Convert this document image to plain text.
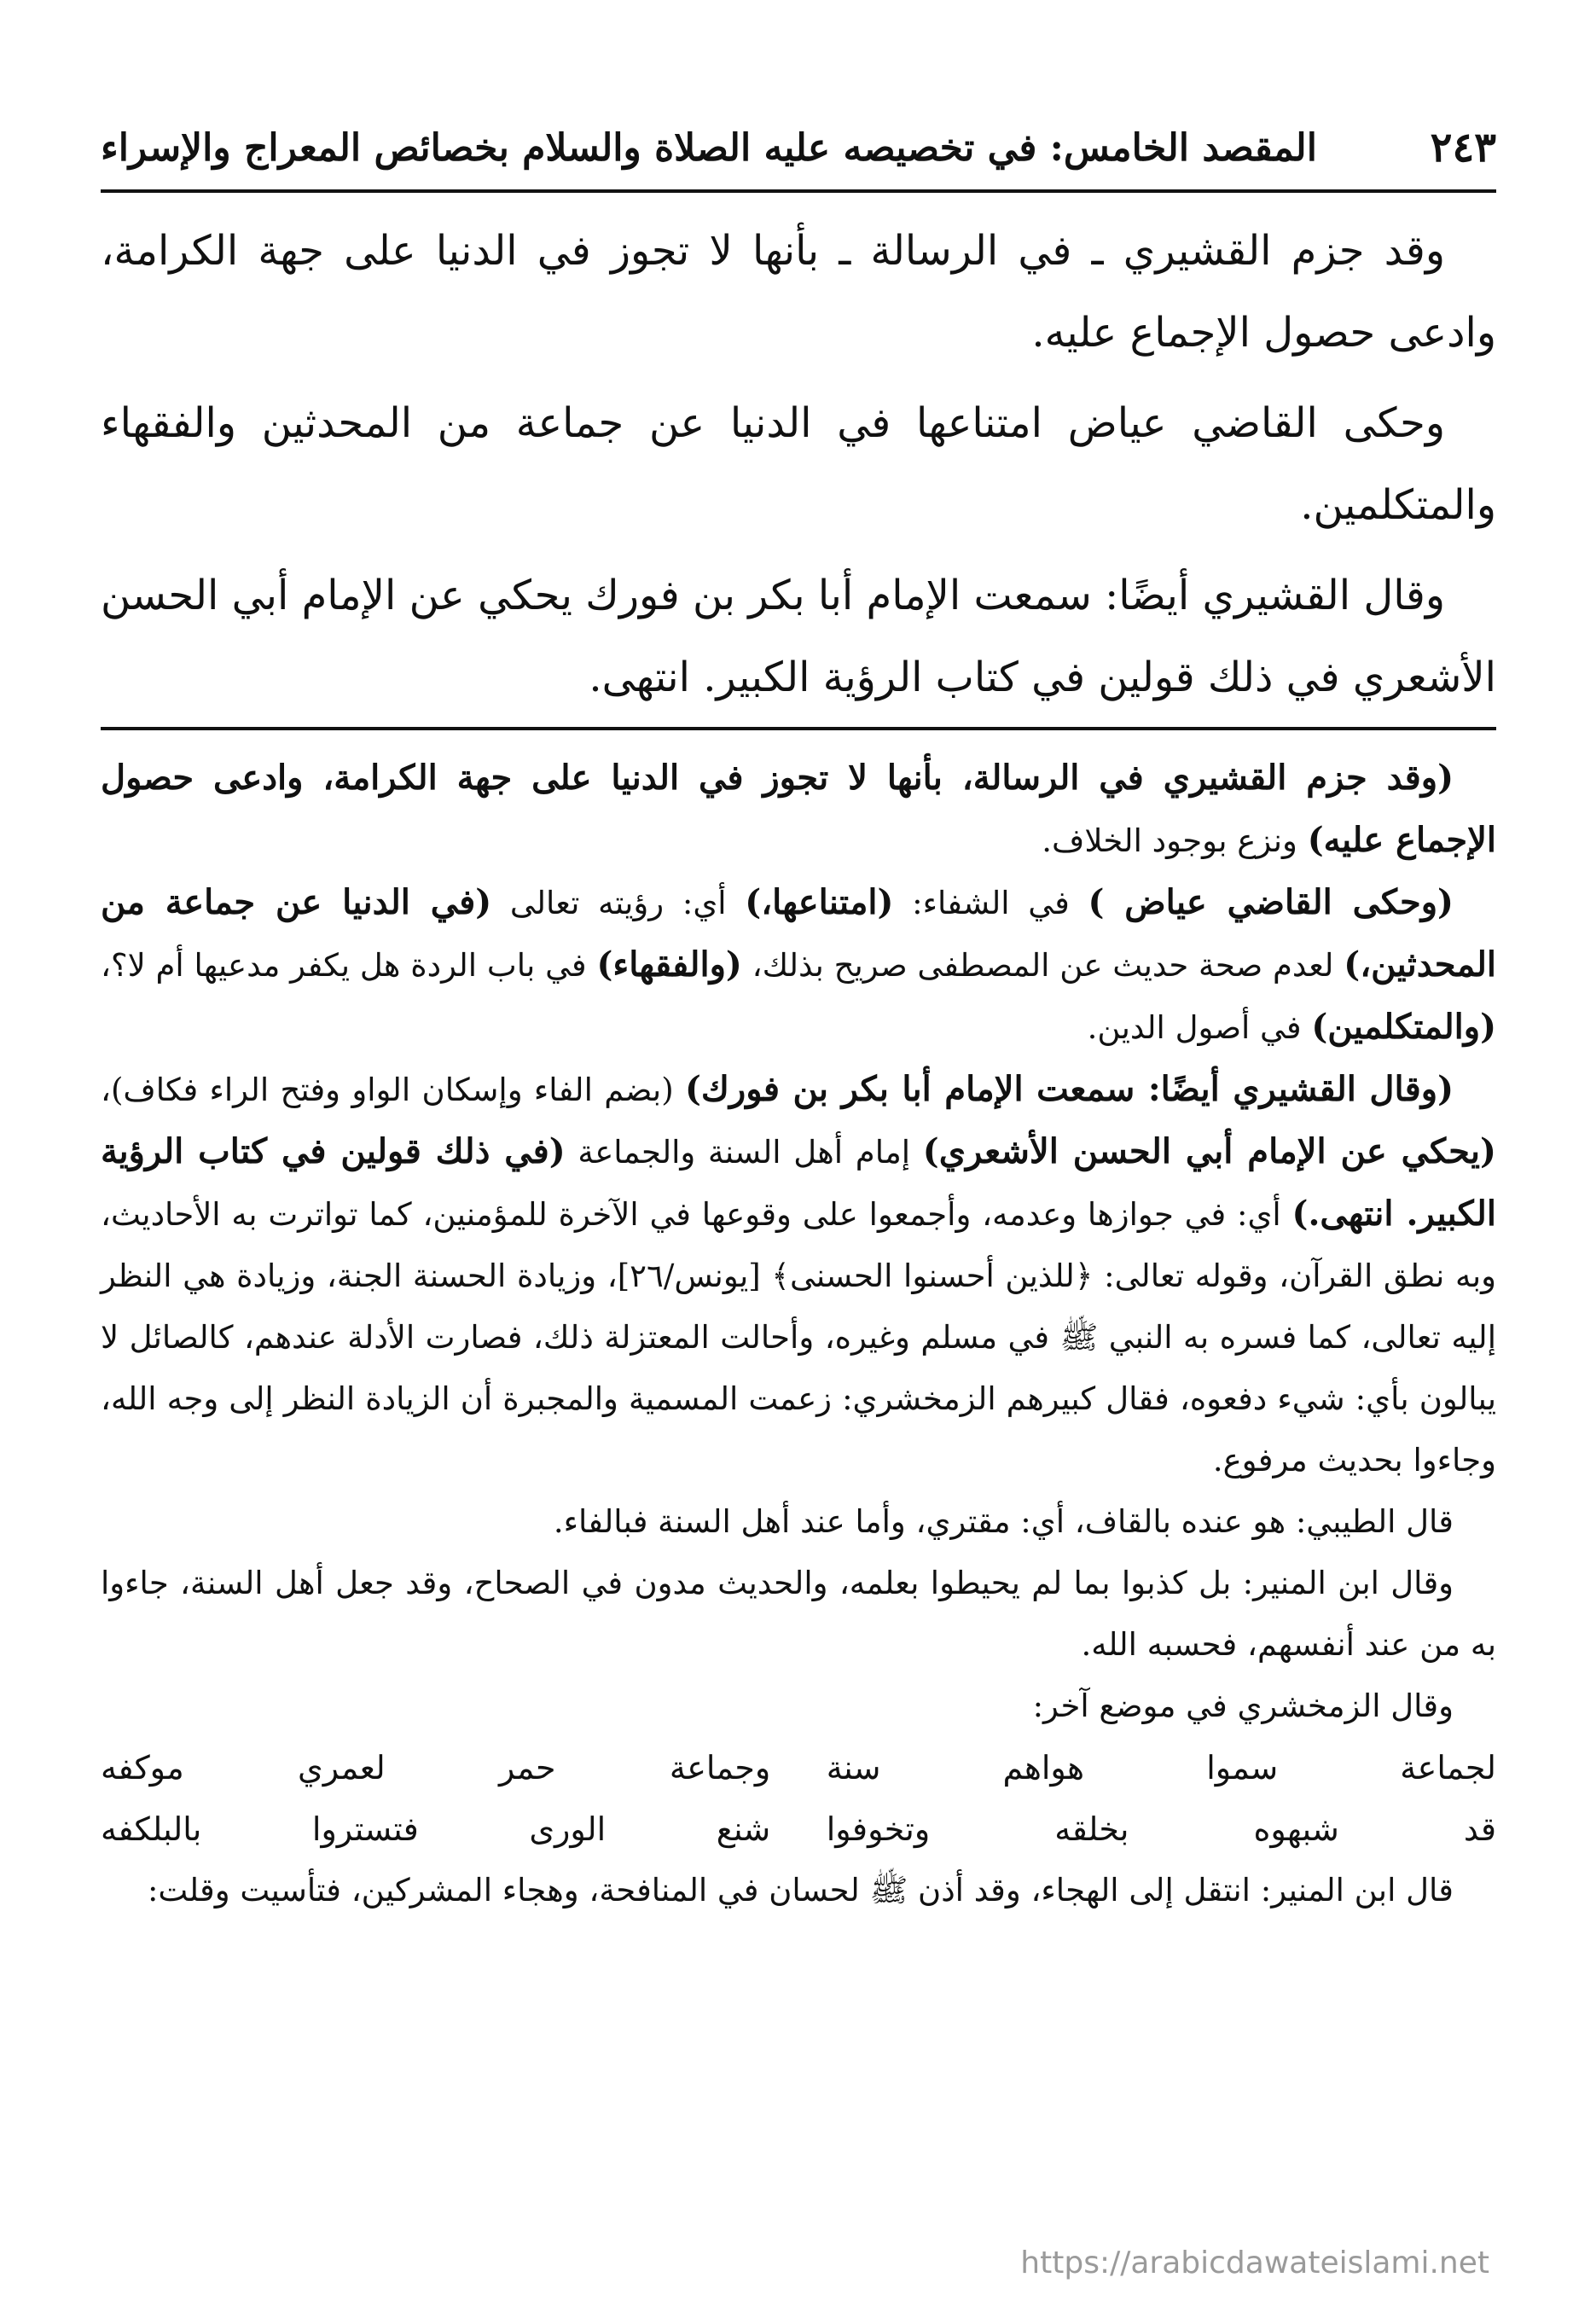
المقصد الخامس: في تخصيصه عليه الصلاة والسلام بخصائص المعراج والإسراء	٢٤٣

وقد جزم القشيري ـ في الرسالة ـ بأنها لا تجوز في الدنيا على جهة الكرامة، وادعى حصول الإجماع عليه.

وحكى القاضي عياض امتناعها في الدنيا عن جماعة من المحدثين والفقهاء والمتكلمين.

وقال القشيري أيضًا: سمعت الإمام أبا بكر بن فورك يحكي عن الإمام أبي الحسن الأشعري في ذلك قولين في كتاب الرؤية الكبير. انتهى.

(وقد جزم القشيري في الرسالة، بأنها لا تجوز في الدنيا على جهة الكرامة، وادعى حصول الإجماع عليه) ونزع بوجود الخلاف.

(وحكى القاضي عياض ) في الشفاء: (امتناعها،) أي: رؤيته تعالى (في الدنيا عن جماعة من المحدثين،) لعدم صحة حديث عن المصطفى صريح بذلك، (والفقهاء) في باب الردة هل يكفر مدعيها أم لا؟، (والمتكلمين) في أصول الدين.

(وقال القشيري أيضًا: سمعت الإمام أبا بكر بن فورك) (بضم الفاء وإسكان الواو وفتح الراء فكاف)، (يحكي عن الإمام أبي الحسن الأشعري) إمام أهل السنة والجماعة (في ذلك قولين في كتاب الرؤية الكبير. انتهى.) أي: في جوازها وعدمه، وأجمعوا على وقوعها في الآخرة للمؤمنين، كما تواترت به الأحاديث، وبه نطق القرآن، وقوله تعالى: ﴿للذين أحسنوا الحسنى﴾ [يونس/٢٦]، وزيادة الحسنة الجنة، وزيادة هي النظر إليه تعالى، كما فسره به النبي ﷺ في مسلم وغيره، وأحالت المعتزلة ذلك، فصارت الأدلة عندهم، كالصائل لا يبالون بأي: شيء دفعوه، فقال كبيرهم الزمخشري: زعمت المسمية والمجبرة أن الزيادة النظر إلى وجه الله، وجاءوا بحديث مرفوع.

قال الطيبي: هو عنده بالقاف، أي: مقتري، وأما عند أهل السنة فبالفاء.

وقال ابن المنير: بل كذبوا بما لم يحيطوا بعلمه، والحديث مدون في الصحاح، وقد جعل أهل السنة، جاءوا به من عند أنفسهم، فحسبه الله.

وقال الزمخشري في موضع آخر:

لجماعة سموا هواهم سنة
وجماعة حمر لعمري موكفه
قد شبهوه بخلقه وتخوفوا
شنع الورى فتستروا بالبلكفه

قال ابن المنير: انتقل إلى الهجاء، وقد أذن ﷺ لحسان في المنافحة، وهجاء المشركين، فتأسيت وقلت:

https://arabicdawateislami.net
